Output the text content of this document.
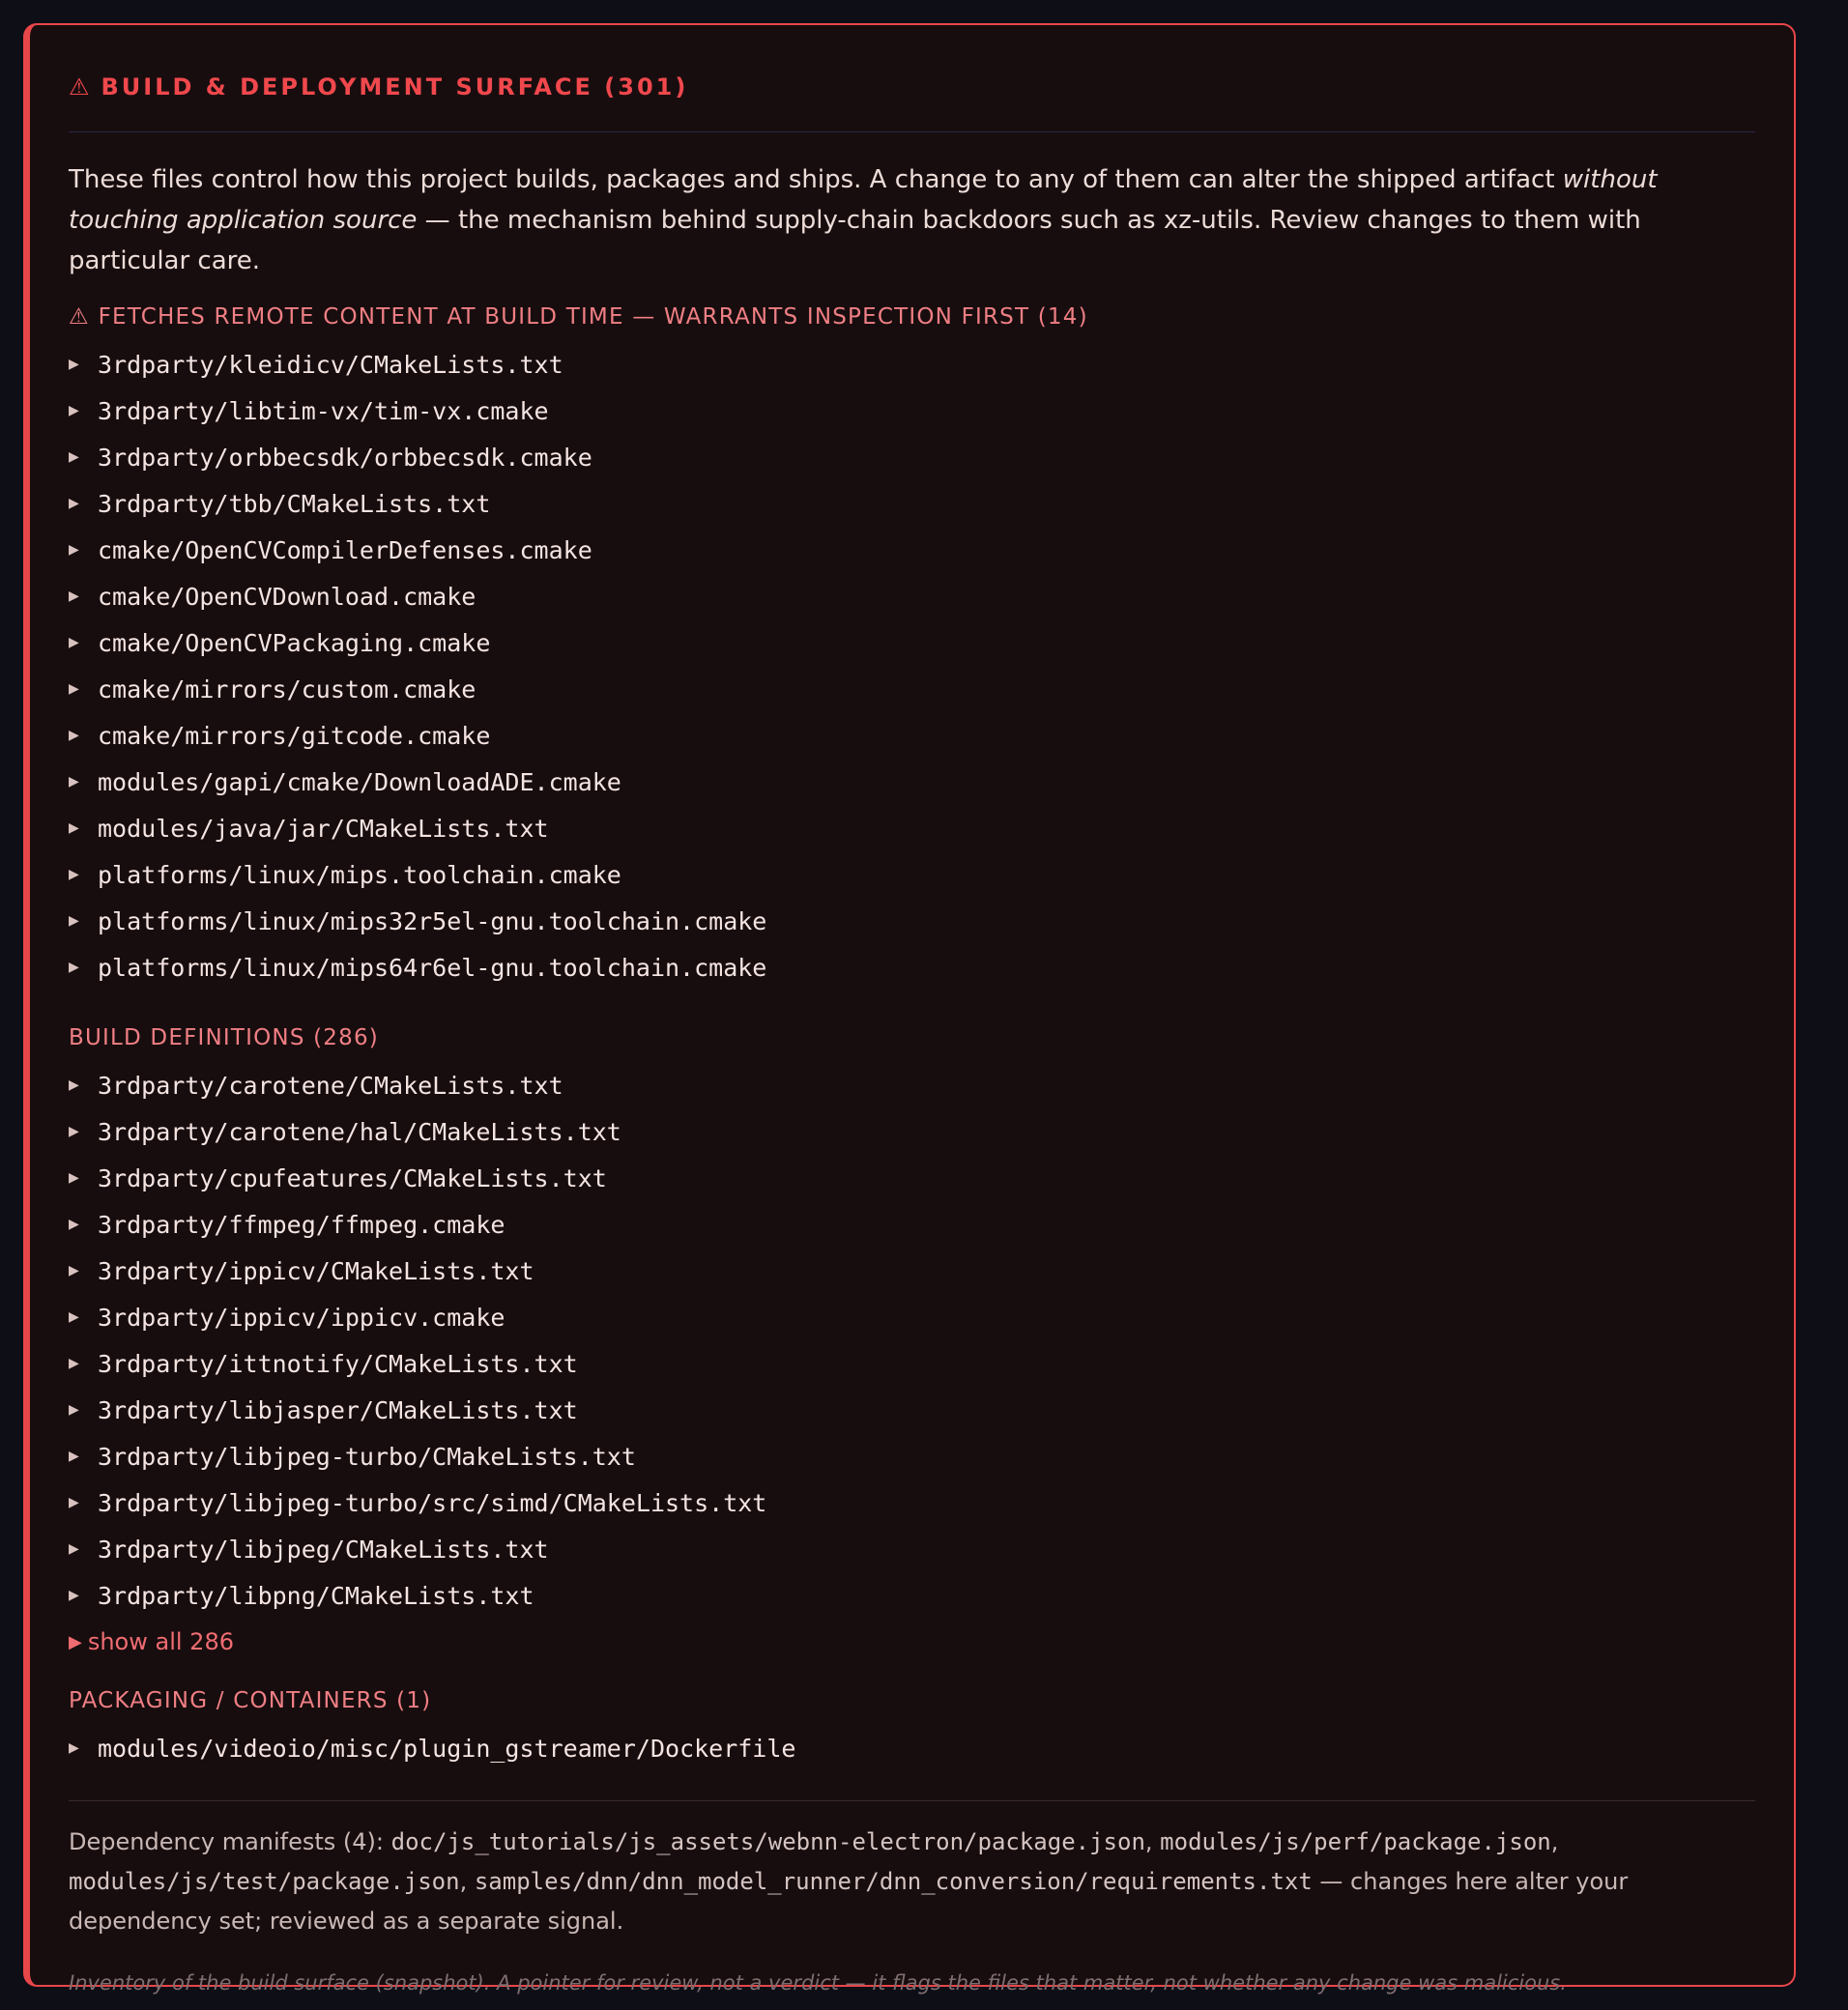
⚠ BUILD & DEPLOYMENT SURFACE (301)
These files control how this project builds, packages and ships. A change to any of them can alter the shipped artifact without touching application source — the mechanism behind supply-chain backdoors such as xz-utils. Review changes to them with particular care.
⚠ FETCHES REMOTE CONTENT AT BUILD TIME — WARRANTS INSPECTION FIRST (14)
▶ 3rdparty/kleidicv/CMakeLists.txt
▶ 3rdparty/libtim-vx/tim-vx.cmake
▶ 3rdparty/orbbecsdk/orbbecsdk.cmake
▶ 3rdparty/tbb/CMakeLists.txt
▶ cmake/OpenCVCompilerDefenses.cmake
▶ cmake/OpenCVDownload.cmake
▶ cmake/OpenCVPackaging.cmake
▶ cmake/mirrors/custom.cmake
▶ cmake/mirrors/gitcode.cmake
▶ modules/gapi/cmake/DownloadADE.cmake
▶ modules/java/jar/CMakeLists.txt
▶ platforms/linux/mips.toolchain.cmake
▶ platforms/linux/mips32r5el-gnu.toolchain.cmake
▶ platforms/linux/mips64r6el-gnu.toolchain.cmake
BUILD DEFINITIONS (286)
▶ 3rdparty/carotene/CMakeLists.txt
▶ 3rdparty/carotene/hal/CMakeLists.txt
▶ 3rdparty/cpufeatures/CMakeLists.txt
▶ 3rdparty/ffmpeg/ffmpeg.cmake
▶ 3rdparty/ippicv/CMakeLists.txt
▶ 3rdparty/ippicv/ippicv.cmake
▶ 3rdparty/ittnotify/CMakeLists.txt
▶ 3rdparty/libjasper/CMakeLists.txt
▶ 3rdparty/libjpeg-turbo/CMakeLists.txt
▶ 3rdparty/libjpeg-turbo/src/simd/CMakeLists.txt
▶ 3rdparty/libjpeg/CMakeLists.txt
▶ 3rdparty/libpng/CMakeLists.txt
▶ show all 286
PACKAGING / CONTAINERS (1)
▶ modules/videoio/misc/plugin_gstreamer/Dockerfile
Dependency manifests (4): doc/js_tutorials/js_assets/webnn-electron/package.json, modules/js/perf/package.json, modules/js/test/package.json, samples/dnn/dnn_model_runner/dnn_conversion/requirements.txt — changes here alter your dependency set; reviewed as a separate signal.
Inventory of the build surface (snapshot). A pointer for review, not a verdict — it flags the files that matter, not whether any change was malicious.
